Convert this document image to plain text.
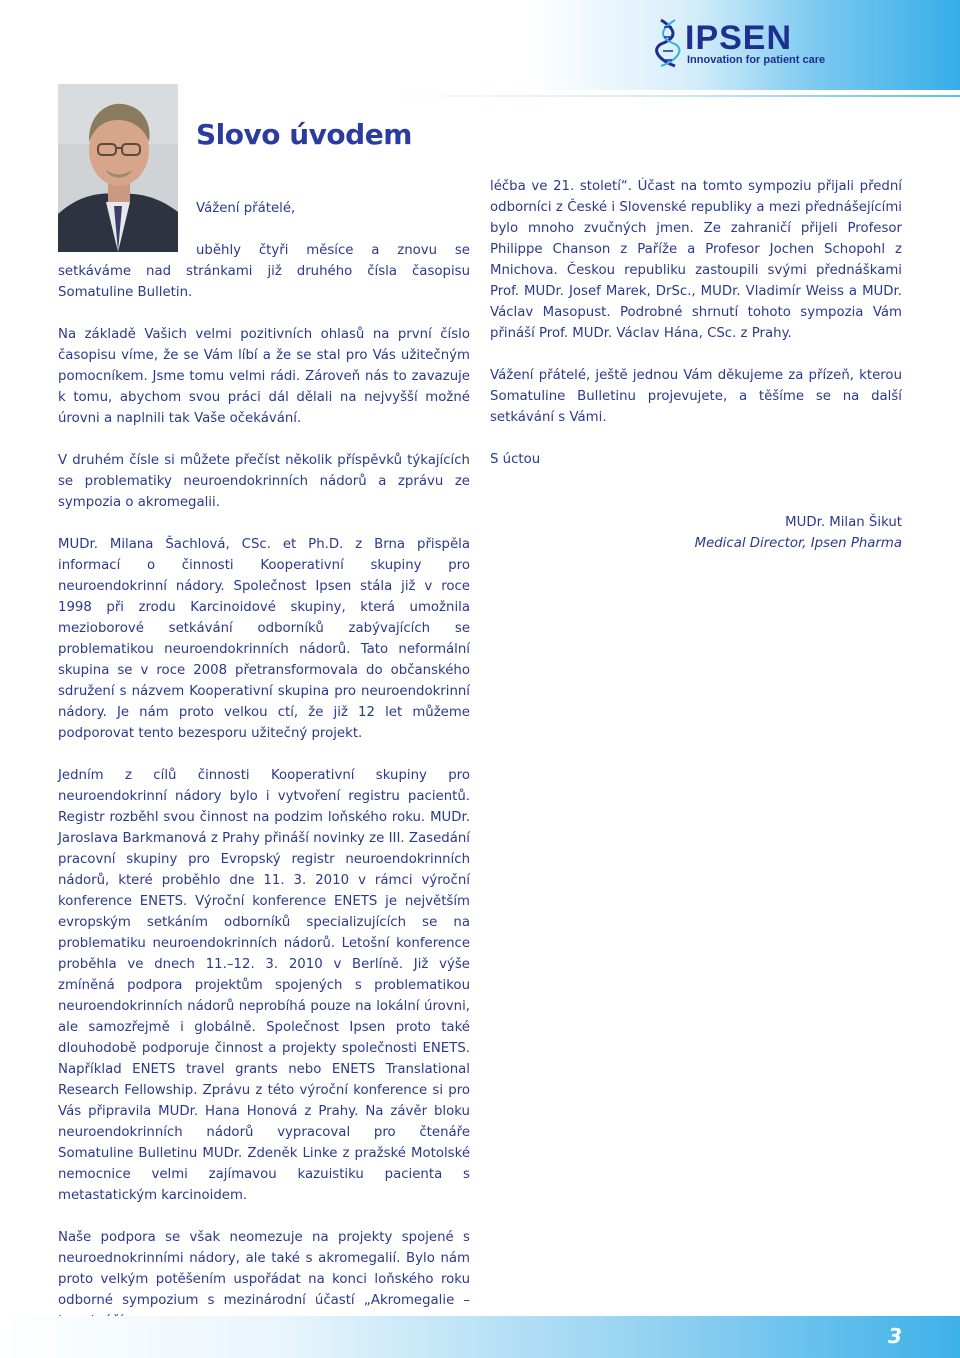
IPSEN
Innovation for patient care
Slovo úvodem

Vážení přátelé,

uběhly čtyři měsíce a znovu se setkáváme nad stránkami již druhého čísla časopisu Somatuline Bulletin.

Na základě Vašich velmi pozitivních ohlasů na první číslo časopisu víme, že se Vám líbí a že se stal pro Vás užitečným pomocníkem. Jsme tomu velmi rádi. Zároveň nás to zavazuje k tomu, abychom svou práci dál dělali na nejvyšší možné úrovni a naplnili tak Vaše očekávání.

V druhém čísle si můžete přečíst několik příspěvků týkajících se problematiky neuroendokrinních nádorů a zprávu ze sympozia o akromegalii.

MUDr. Milana Šachlová, CSc. et Ph.D. z Brna přispěla informací o činnosti Kooperativní skupiny pro neuroendokrinní nádory. Společnost Ipsen stála již v roce 1998 při zrodu Karcinoidové skupiny, která umožnila mezioborové setkávání odborníků zabývajících se problematikou neuroendokrinních nádorů. Tato neformální skupina se v roce 2008 přetransformovala do občanského sdružení s názvem Kooperativní skupina pro neuroendokrinní nádory. Je nám proto velkou ctí, že již 12 let můžeme podporovat tento bezesporu užitečný projekt.

Jedním z cílů činnosti Kooperativní skupiny pro neuroendokrinní nádory bylo i vytvoření registru pacientů. Registr rozběhl svou činnost na podzim loňského roku. MUDr. Jaroslava Barkmanová z Prahy přináší novinky ze III. Zasedání pracovní skupiny pro Evropský registr neuroendokrinních nádorů, které proběhlo dne 11. 3. 2010 v rámci výroční konference ENETS. Výroční konference ENETS je největším evropským setkáním odborníků specializujících se na problematiku neuroendokrinních nádorů. Letošní konference proběhla ve dnech 11.–12. 3. 2010 v Berlíně. Již výše zmíněná podpora projektům spojených s problematikou neuroendokrinních nádorů neprobíhá pouze na lokální úrovni, ale samozřejmě i globálně. Společnost Ipsen proto také dlouhodobě podporuje činnost a projekty společnosti ENETS. Například ENETS travel grants nebo ENETS Translational Research Fellowship. Zprávu z této výroční konference si pro Vás připravila MUDr. Hana Honová z Prahy. Na závěr bloku neuroendokrinních nádorů vypracoval pro čtenáře Somatuline Bulletinu MUDr. Zdeněk Linke z pražské Motolské nemocnice velmi zajímavou kazuistiku pacienta s metastatickým karcinoidem.

Naše podpora se však neomezuje na projekty spojené s neuroednokrinními nádory, ale také s akromegalií. Bylo nám proto velkým potěšením uspořádat na konci loňského roku odborné sympozium s mezinárodní účastí „Akromegalie –

léčba ve 21. století“. Účast na tomto sympoziu přijali přední odborníci z České i Slovenské republiky a mezi přednášejícími bylo mnoho zvučných jmen. Ze zahraničí přijeli Profesor Philippe Chanson z Paříže a Profesor Jochen Schopohl z Mnichova. Českou republiku zastoupili svými přednáškami Prof. MUDr. Josef Marek, DrSc., MUDr. Vladimír Weiss a MUDr. Václav Masopust. Podrobné shrnutí tohoto sympozia Vám přináší Prof. MUDr. Václav Hána, CSc. z Prahy.

Vážení přátelé, ještě jednou Vám děkujeme za přízeň, kterou Somatuline Bulletinu projevujete, a těšíme se na další setkávání s Vámi.

S úctou

MUDr. Milan Šikut

Medical Director, Ipsen Pharma

3
